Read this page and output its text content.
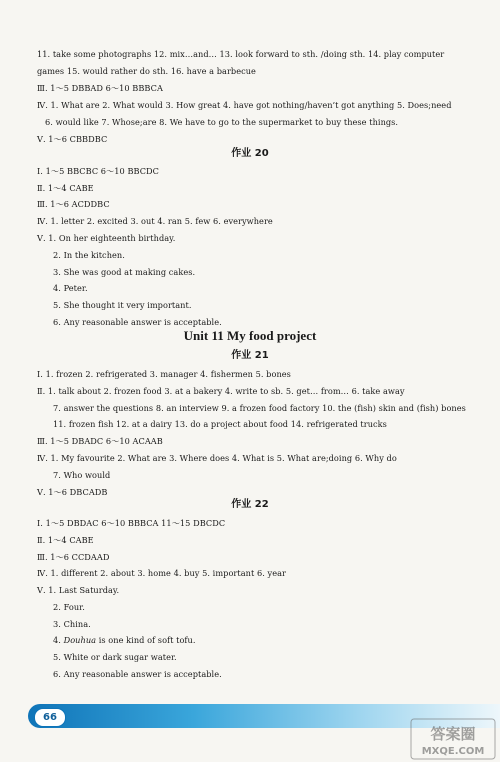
11. take some photographs 12. mix…and… 13. look forward to sth. /doing sth. 14. play computer
games 15. would rather do sth. 16. have a barbecue
Ⅲ. 1～5 DBBAD 6～10 BBBCA
Ⅳ. 1. What are 2. What would 3. How great 4. have got nothing/haven’t got anything 5. Does;need
6. would like 7. Whose;are 8. We have to go to the supermarket to buy these things.
Ⅴ. 1～6 CBBDBC
Ⅰ. 1～5 BBCBC 6～10 BBCDC
Ⅱ. 1～4 CABE
Ⅲ. 1～6 ACDDBC
Ⅳ. 1. letter 2. excited 3. out 4. ran 5. few 6. everywhere
Ⅴ. 1. On her eighteenth birthday.
2. In the kitchen.
3. She was good at making cakes.
4. Peter.
5. She thought it very important.
6. Any reasonable answer is acceptable.
Ⅰ. 1. frozen 2. refrigerated 3. manager 4. fishermen 5. bones
Ⅱ. 1. talk about 2. frozen food 3. at a bakery 4. write to sb. 5. get… from… 6. take away
7. answer the questions 8. an interview 9. a frozen food factory 10. the (fish) skin and (fish) bones
11. frozen fish 12. at a dairy 13. do a project about food 14. refrigerated trucks
Ⅲ. 1～5 DBADC 6～10 ACAAB
Ⅳ. 1. My favourite 2. What are 3. Where does 4. What is 5. What are;doing 6. Why do
7. Who would
Ⅴ. 1～6 DBCADB
Ⅰ. 1～5 DBDAC 6～10 BBBCA 11～15 DBCDC
Ⅱ. 1～4 CABE
Ⅲ. 1～6 CCDAAD
Ⅳ. 1. different 2. about 3. home 4. buy 5. important 6. year
Ⅴ. 1. Last Saturday.
2. Four.
3. China.
4. Douhua is one kind of soft tofu.
5. White or dark sugar water.
6. Any reasonable answer is acceptable.
作业 20
Unit 11 My food project
作业 21
作业 22
66
答案圈
MXQE.COM
